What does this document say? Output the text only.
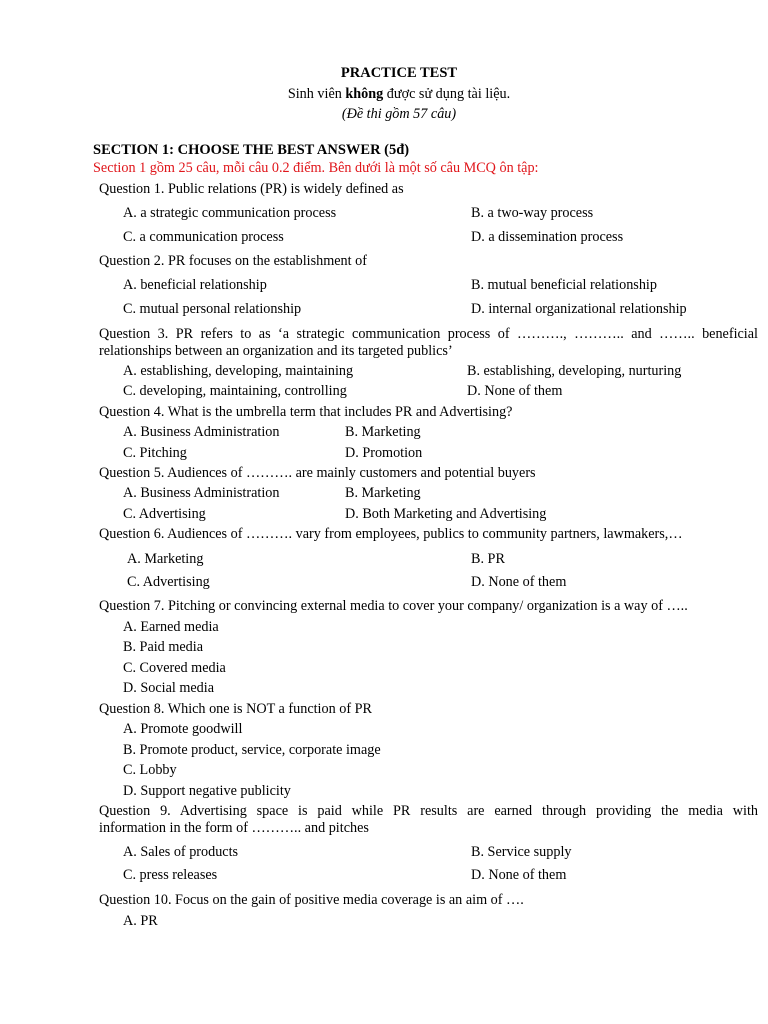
PRACTICE TEST
Sinh viên không được sử dụng tài liệu.
(Đề thi gồm 57 câu)
SECTION 1: CHOOSE THE BEST ANSWER (5đ)
Section 1 gồm 25 câu, mỗi câu 0.2 điểm. Bên dưới là một số câu MCQ ôn tập:
Question 1. Public relations (PR) is widely defined as
A. a strategic communication process	B. a two-way process
C. a communication process	D. a dissemination process
Question 2. PR focuses on the establishment of
A. beneficial relationship	B. mutual beneficial relationship
C. mutual personal relationship	D. internal organizational relationship
Question 3. PR refers to as ‘a strategic communication process of ………., ……….. and …….. beneficial
relationships between an organization and its targeted publics’
A. establishing, developing, maintaining	B. establishing, developing, nurturing
C. developing, maintaining, controlling	D. None of them
Question 4. What is the umbrella term that includes PR and Advertising?
A. Business Administration	B. Marketing
C. Pitching	D. Promotion
Question 5. Audiences of ………. are mainly customers and potential buyers
A. Business Administration	B. Marketing
C. Advertising	D. Both Marketing and Advertising
Question 6. Audiences of ………. vary from employees, publics to community partners, lawmakers,…
A. Marketing	B. PR
C. Advertising	D. None of them
Question 7. Pitching or convincing external media to cover your company/ organization is a way of …..
A. Earned media
B. Paid media
C. Covered media
D. Social media
Question 8. Which one is NOT a function of PR
A. Promote goodwill
B. Promote product, service, corporate image
C. Lobby
D. Support negative publicity
Question 9. Advertising space is paid while PR results are earned through providing the media with
information in the form of ……….. and pitches
A. Sales of products	B. Service supply
C. press releases	D. None of them
Question 10. Focus on the gain of positive media coverage is an aim of ….
A. PR
